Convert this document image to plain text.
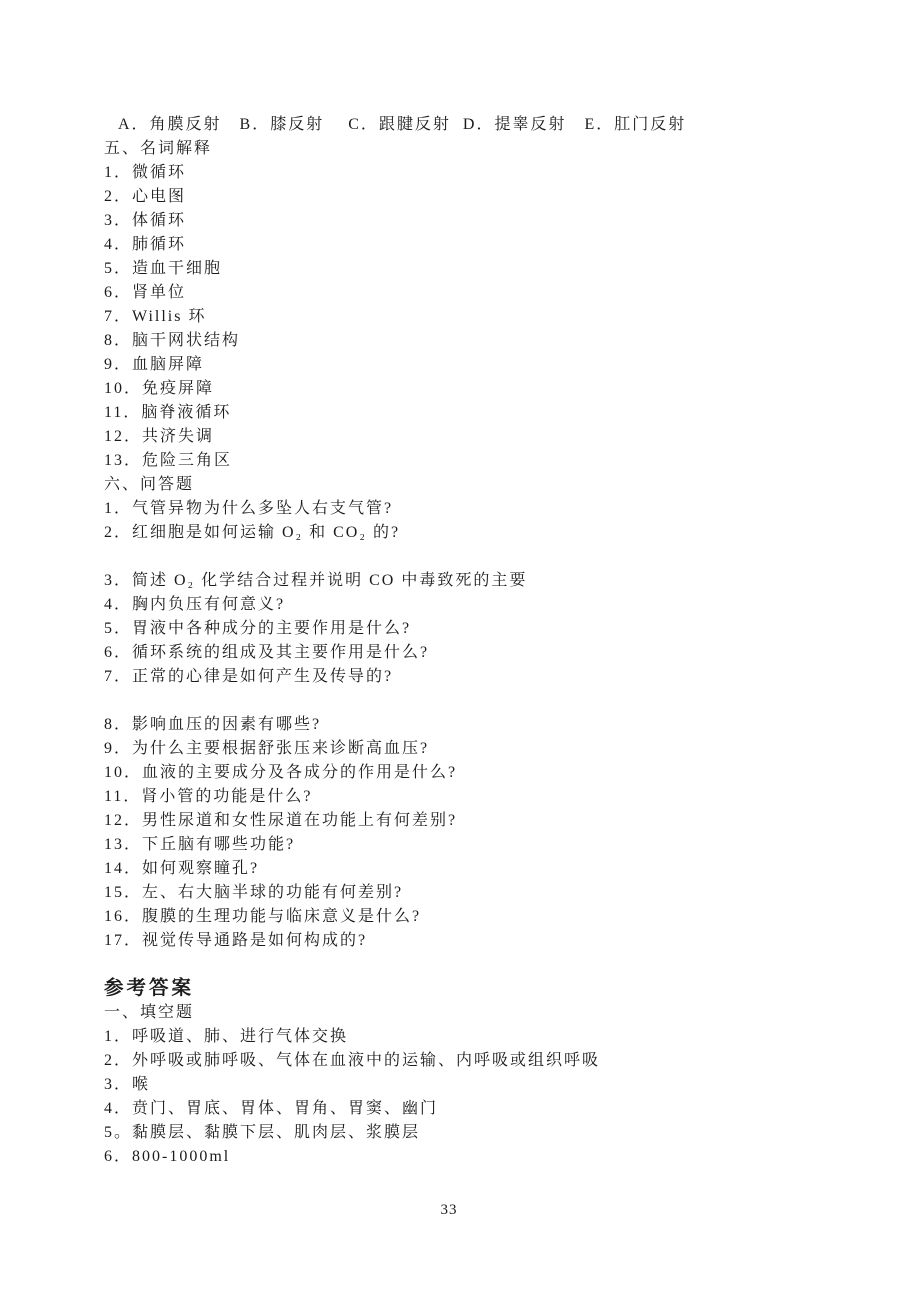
A．角膜反射   B．膝反射    C．跟腱反射  D．提睾反射   E．肛门反射
五、名词解释
1．微循环
2．心电图
3．体循环
4．肺循环
5．造血干细胞
6．肾单位
7．Willis 环
8．脑干网状结构
9．血脑屏障
10．免疫屏障
11．脑脊液循环
12．共济失调
13．危险三角区
六、问答题
1．气管异物为什么多坠人右支气管?
2．红细胞是如何运输 O₂ 和 CO₂ 的?
3．简述 O₂ 化学结合过程并说明 CO 中毒致死的主要
4．胸内负压有何意义?
5．胃液中各种成分的主要作用是什么?
6．循环系统的组成及其主要作用是什么?
7．正常的心律是如何产生及传导的?
8．影响血压的因素有哪些?
9．为什么主要根据舒张压来诊断高血压?
10．血液的主要成分及各成分的作用是什么?
11．肾小管的功能是什么?
12．男性尿道和女性尿道在功能上有何差别?
13．下丘脑有哪些功能?
14．如何观察瞳孔?
15．左、右大脑半球的功能有何差别?
16．腹膜的生理功能与临床意义是什么?
17．视觉传导通路是如何构成的?
参考答案
一、填空题
1．呼吸道、肺、进行气体交换
2．外呼吸或肺呼吸、气体在血液中的运输、内呼吸或组织呼吸
3．喉
4．贲门、胃底、胃体、胃角、胃窦、幽门
5。黏膜层、黏膜下层、肌肉层、浆膜层
6．800-1000ml
33
